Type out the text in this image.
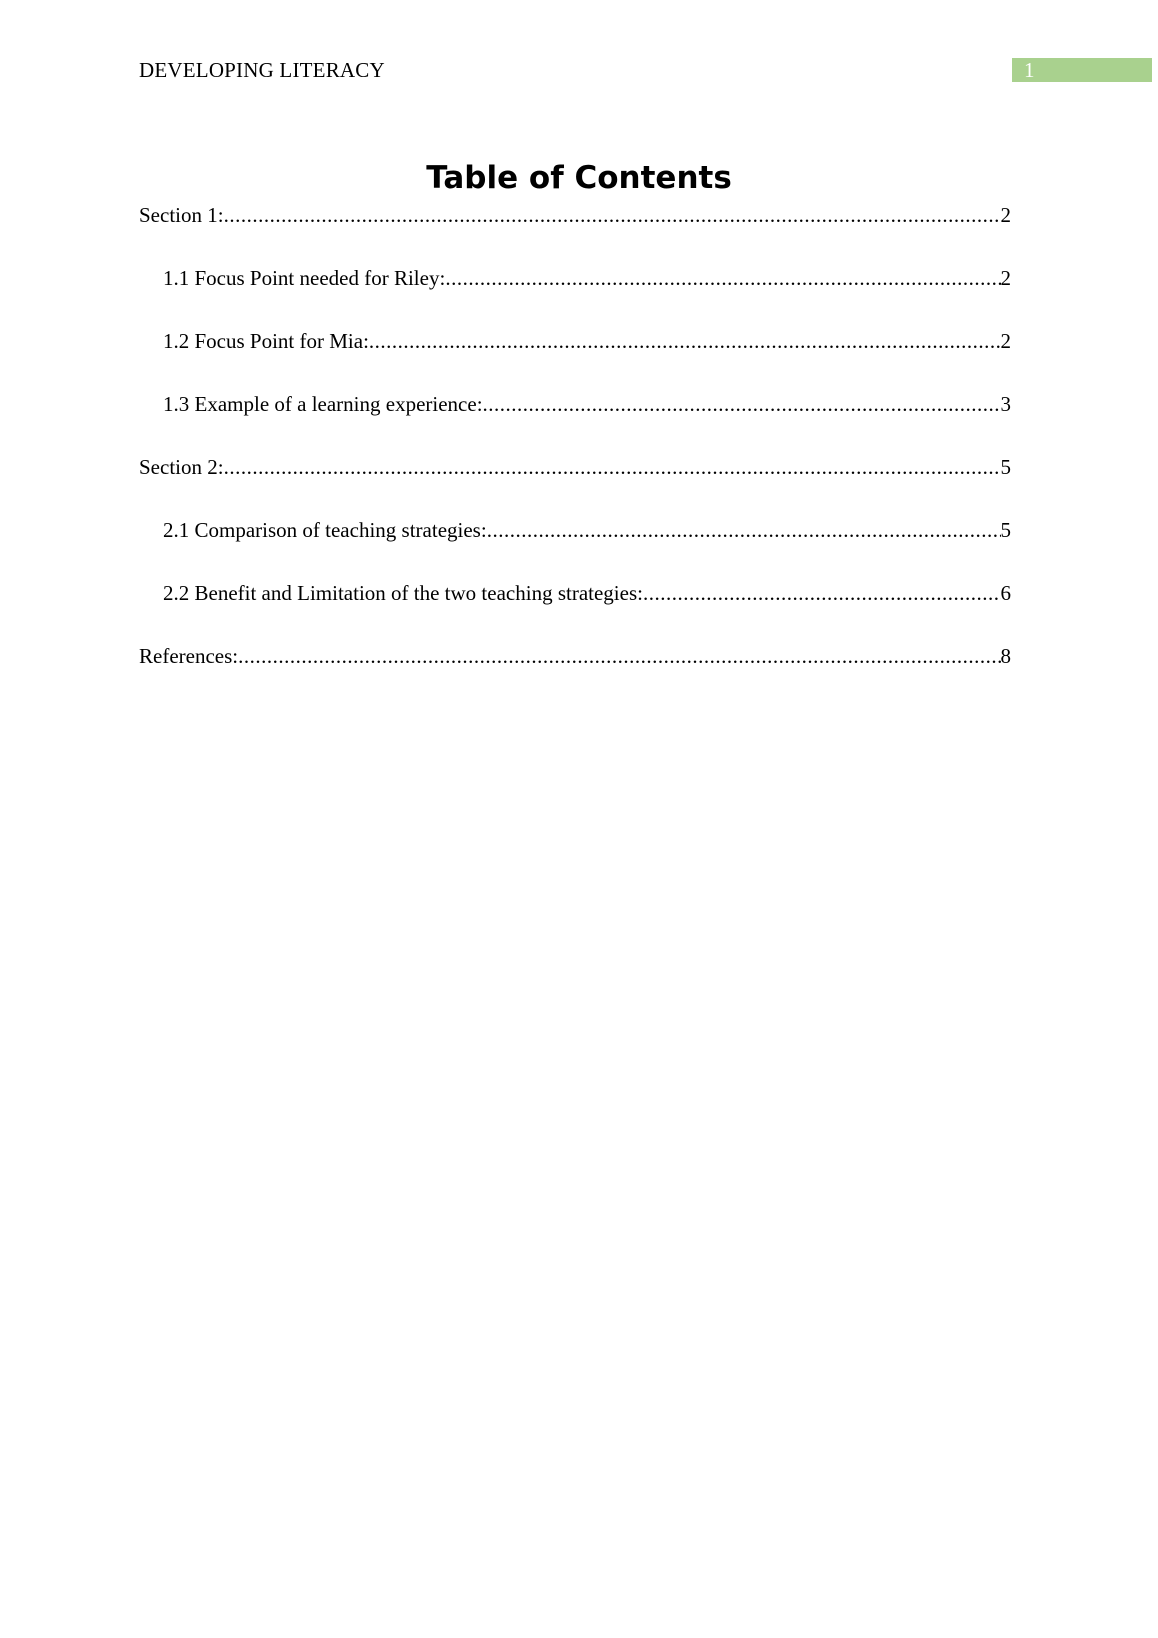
DEVELOPING LITERACY	1
Table of Contents
Section 1: .....	2
1.1 Focus Point needed for Riley: .....	2
1.2 Focus Point for Mia: .....	2
1.3 Example of a learning experience: .....	3
Section 2: .....	5
2.1 Comparison of teaching strategies: .....	5
2.2 Benefit and Limitation of the two teaching strategies: .....	6
References: .....	8
